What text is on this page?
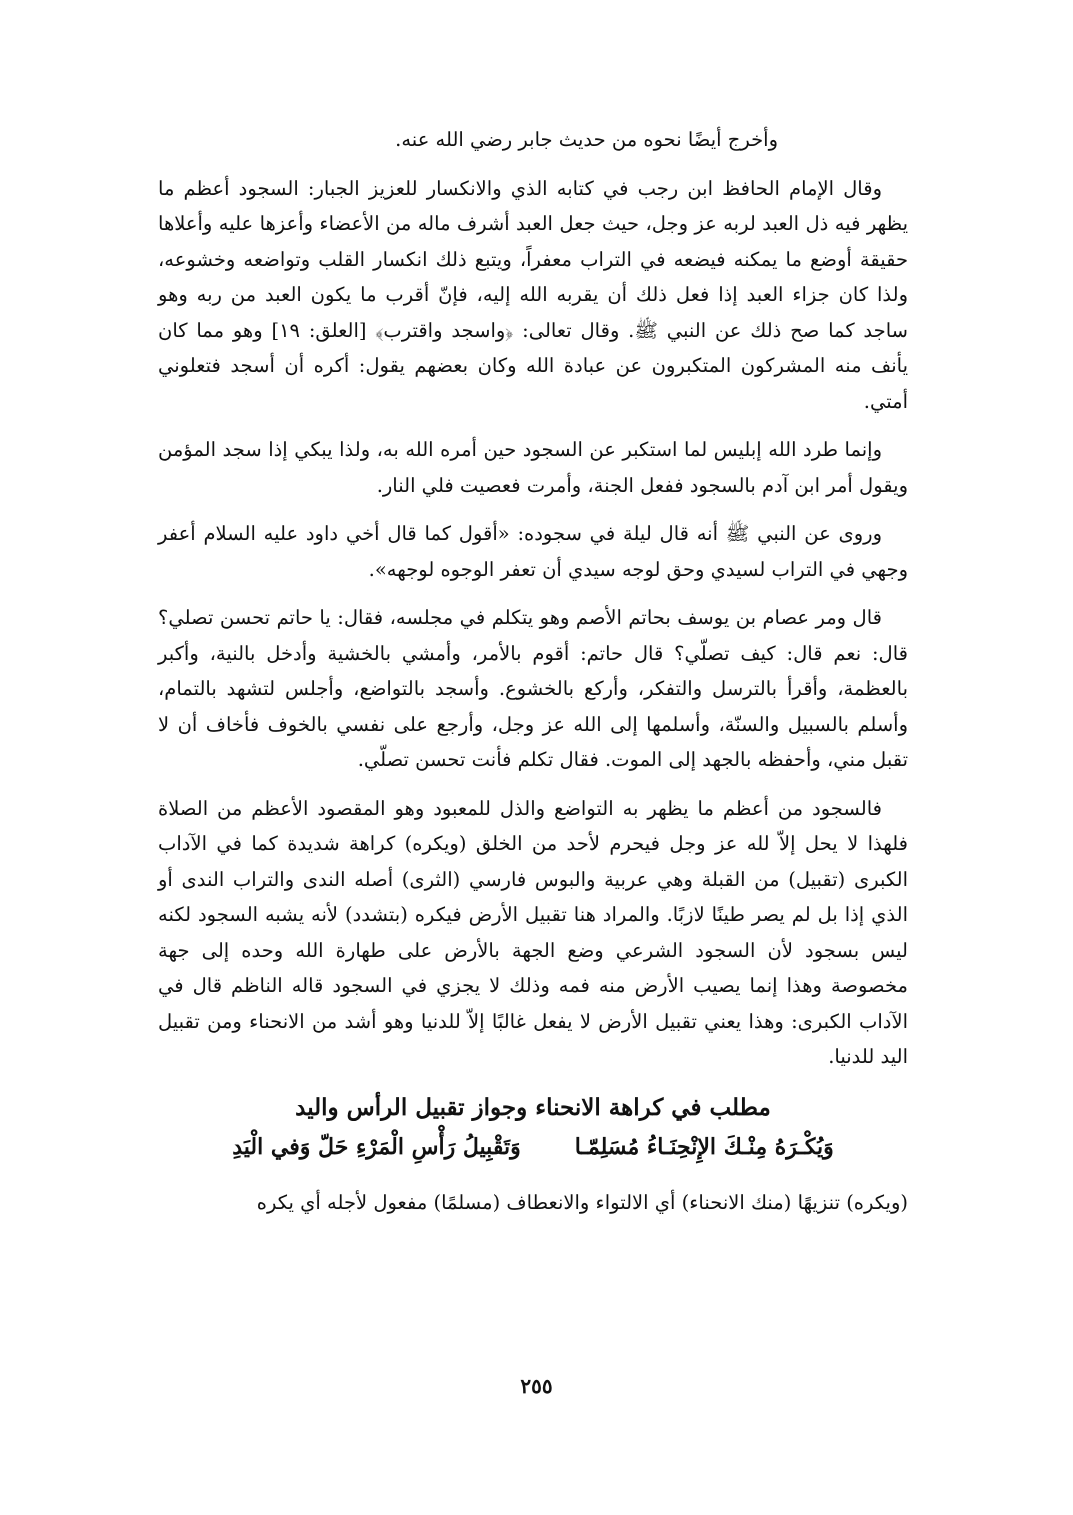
وأخرج أيضًا نحوه من حديث جابر رضي الله عنه.

وقال الإمام الحافظ ابن رجب في كتابه الذي والانكسار للعزيز الجبار: السجود أعظم ما يظهر فيه ذل العبد لربه عز وجل، حيث جعل العبد أشرف ماله من الأعضاء وأعزها عليه وأعلاها حقيقة أوضع ما يمكنه فيضعه في التراب معفراً، ويتبع ذلك انكسار القلب وتواضعه وخشوعه، ولذا كان جزاء العبد إذا فعل ذلك أن يقربه الله إليه، فإنّ أقرب ما يكون العبد من ربه وهو ساجد كما صح ذلك عن النبي ﷺ. وقال تعالى: ﴿واسجد واقترب﴾ [العلق: ١٩] وهو مما كان يأنف منه المشركون المتكبرون عن عبادة الله وكان بعضهم يقول: أكره أن أسجد فتعلوني أمتي.

وإنما طرد الله إبليس لما استكبر عن السجود حين أمره الله به، ولذا يبكي إذا سجد المؤمن ويقول أمر ابن آدم بالسجود ففعل الجنة، وأمرت فعصيت فلي النار.

وروى عن النبي ﷺ أنه قال ليلة في سجوده: «أقول كما قال أخي داود عليه السلام أعفر وجهي في التراب لسيدي وحق لوجه سيدي أن تعفر الوجوه لوجهه».

قال ومر عصام بن يوسف بحاتم الأصم وهو يتكلم في مجلسه، فقال: يا حاتم تحسن تصلي؟ قال: نعم قال: كيف تصلّي؟ قال حاتم: أقوم بالأمر، وأمشي بالخشية وأدخل بالنية، وأكبر بالعظمة، وأقرأ بالترسل والتفكر، وأركع بالخشوع. وأسجد بالتواضع، وأجلس لتشهد بالتمام، وأسلم بالسبيل والسنّة، وأسلمها إلى الله عز وجل، وأرجع على نفسي بالخوف فأخاف أن لا تقبل مني، وأحفظه بالجهد إلى الموت. فقال تكلم فأنت تحسن تصلّي.

فالسجود من أعظم ما يظهر به التواضع والذل للمعبود وهو المقصود الأعظم من الصلاة فلهذا لا يحل إلاّ لله عز وجل فيحرم لأحد من الخلق (ويكره) كراهة شديدة كما في الآداب الكبرى (تقبيل) من القبلة وهي عربية والبوس فارسي (الثرى) أصله الندى والتراب الندى أو الذي إذا بل لم يصر طينًا لازبًا. والمراد هنا تقبيل الأرض فيكره (بتشدد) لأنه يشبه السجود لكنه ليس بسجود لأن السجود الشرعي وضع الجهة بالأرض على طهارة الله وحده إلى جهة مخصوصة وهذا إنما يصيب الأرض منه فمه وذلك لا يجزي في السجود قاله الناظم قال في الآداب الكبرى: وهذا يعني تقبيل الأرض لا يفعل غالبًا إلاّ للدنيا وهو أشد من الانحناء ومن تقبيل اليد للدنيا.

مطلب في كراهة الانحناء وجواز تقبيل الرأس واليد
وَيُكْـرَهُ مِنْـكَ الإِنْحِنَـاءُ مُسَلِمّـا
وَتَقْبِيلُ رَأْسِ الْمَرْءِ حَلّ وَفي الْيَدِ

(ويكره) تنزيهًا (منك الانحناء) أي الالتواء والانعطاف (مسلمًا) مفعول لأجله أي يكره

٢٥٥
